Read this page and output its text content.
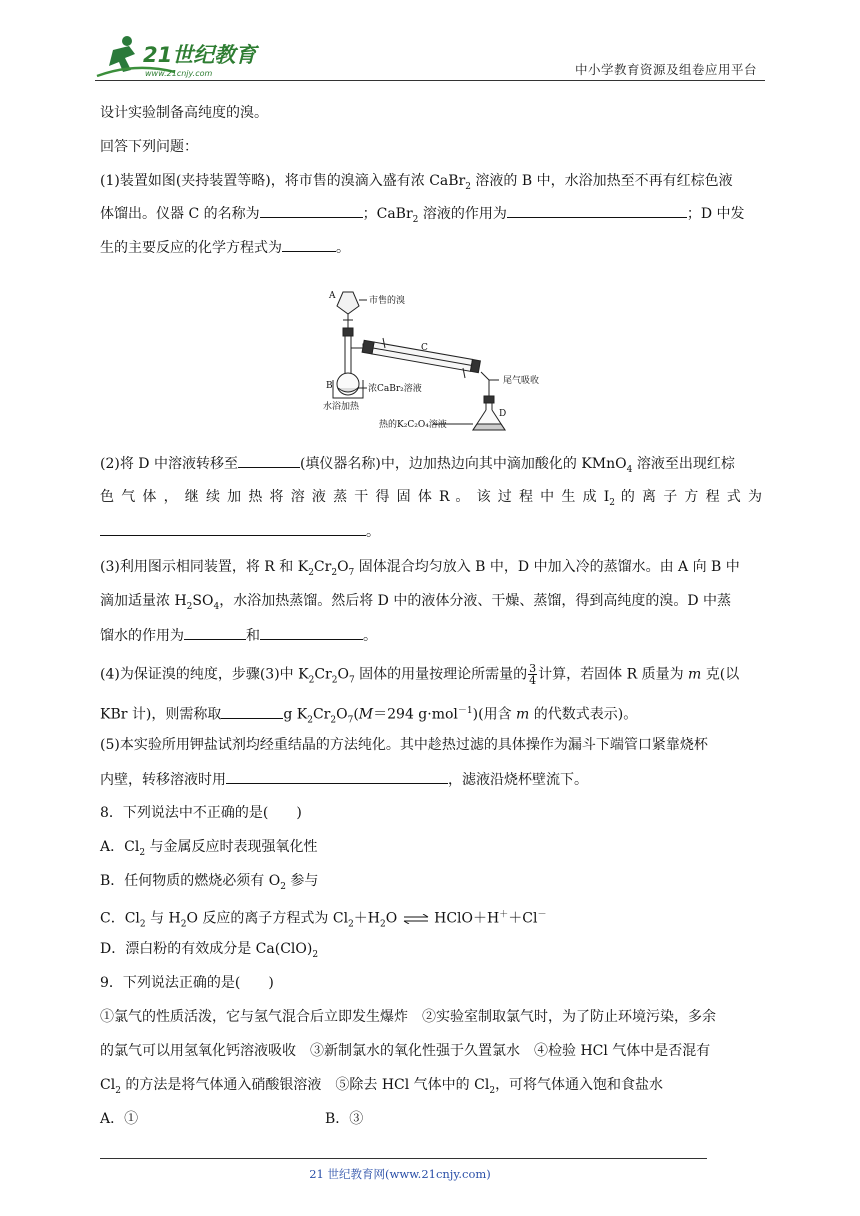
21世纪教育
www.21cnjy.com	中小学教育资源及组卷应用平台
设计实验制备高纯度的溴。
回答下列问题：
(1)装置如图(夹持装置等略)，将市售的溴滴入盛有浓 CaBr$_2$ 溶液的 B 中，水浴加热至不再有红棕色液
体馏出。仪器 C 的名称为	；CaBr$_2$ 溶液的作用为	；D 中发
生的主要反应的化学方程式为	。
(2)将 D 中溶液转移至	(填仪器名称)中，边加热边向其中滴加酸化的 KMnO$_4$ 溶液至出现红棕
色 气 体 ， 继 续 加 热 将 溶 液 蒸 干 得 固 体 R 。 该 过 程 中 生 成 $I_2$ 的 离 子 方 程 式 为
。
(3)利用图示相同装置，将 R 和 $K_2Cr_2O_7$ 固体混合均匀放入 B 中，D 中加入冷的蒸馏水。由 A 向 B 中
滴加适量浓 $H_2SO_4$，水浴加热蒸馏。然后将 D 中的液体分液、干燥、蒸馏，得到高纯度的溴。D 中蒸
馏水的作用为	和	。
(4)为保证溴的纯度，步骤(3)中 $K_2Cr_2O_7$ 固体的用量按理论所需量的 $\frac{3}{4}$ 计算，若固体 R 质量为 m 克(以
KBr 计)，则需称取	g $K_2Cr_2O_7(M=294$ g·mol$^{-1}$)(用含 m 的代数式表示)。
(5)本实验所用钾盐试剂均经重结晶的方法纯化。其中趁热过滤的具体操作为漏斗下端管口紧靠烧杯
内壁，转移溶液时用	，滤液沿烧杯壁流下。
8．下列说法中不正确的是(　　)
A．$Cl_2$ 与金属反应时表现强氧化性
B．任何物质的燃烧必须有 $O_2$ 参与
C．$Cl_2$ 与 $H_2O$ 反应的离子方程式为 $Cl_2+H_2O$ ⇌ HClO＋H＋＋Cl－
D．漂白粉的有效成分是 $Ca(ClO)_2$
9．下列说法正确的是(　　)
①氯气的性质活泼，它与氢气混合后立即发生爆炸　②实验室制取氯气时，为了防止环境污染，多余
的氯气可以用氢氧化钙溶液吸收　③新制氯水的氧化性强于久置氯水　④检验 HCl 气体中是否混有
$Cl_2$ 的方法是将气体通入硝酸银溶液　⑤除去 HCl 气体中的 $Cl_2$，可将气体通入饱和食盐水
A．①	B．③
A	市售的溴
C
B	浓CaBr₂溶液
水浴加热
尾气吸收
D
热的K₂C₂O₄溶液
21 世纪教育网(www.21cnjy.com)
